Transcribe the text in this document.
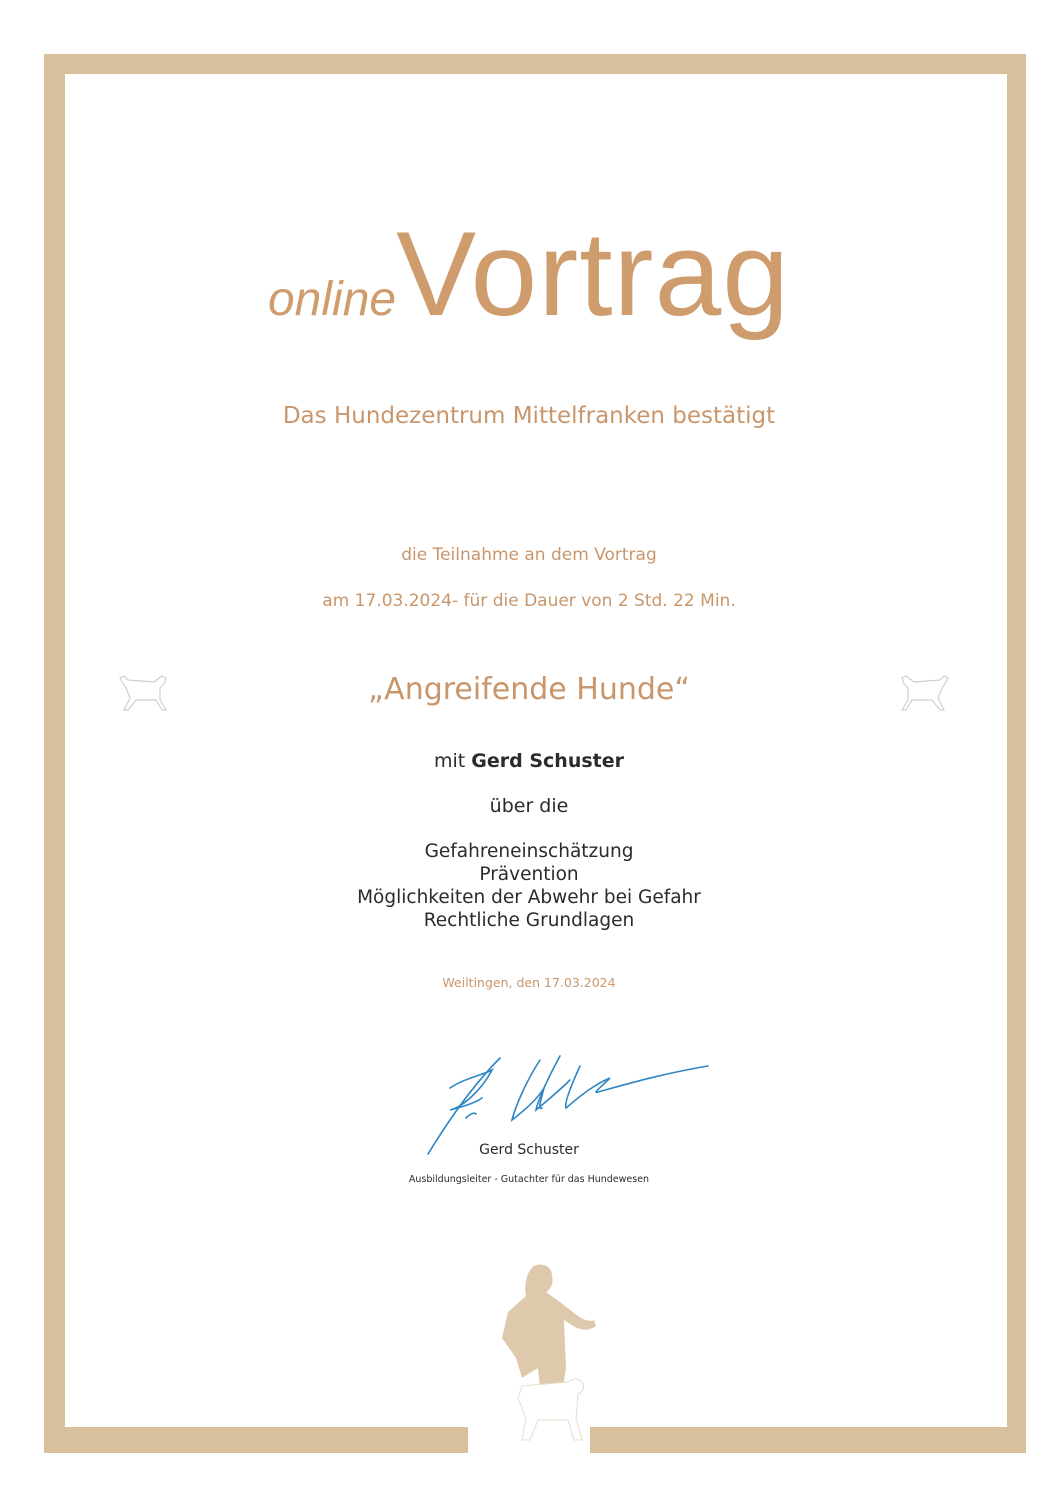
onlineVortrag
Das Hundezentrum Mittelfranken bestätigt
die Teilnahme an dem Vortrag
am 17.03.2024- für die Dauer von 2 Std. 22 Min.
„Angreifende Hunde“
mit Gerd Schuster
über die
Gefahreneinschätzung
Prävention
Möglichkeiten der Abwehr bei Gefahr
Rechtliche Grundlagen
Weiltingen, den 17.03.2024
Gerd Schuster
Ausbildungsleiter - Gutachter für das Hundewesen
